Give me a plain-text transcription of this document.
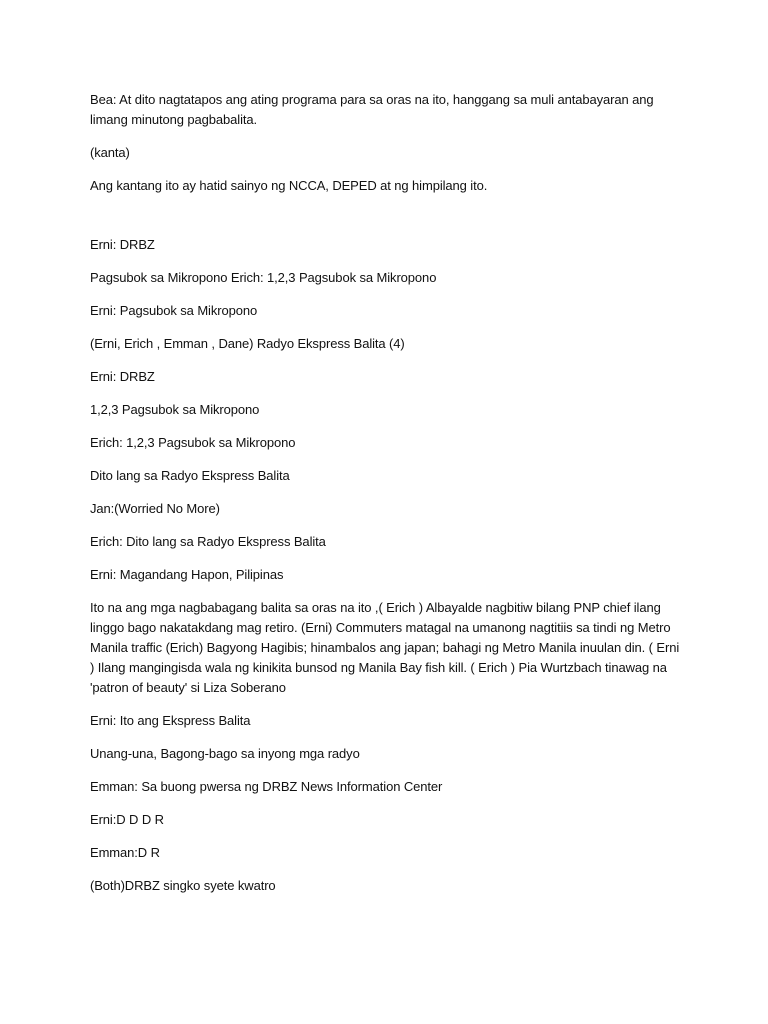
Bea: At dito nagtatapos ang ating programa para sa oras na ito, hanggang sa muli antabayaran ang limang minutong pagbabalita.

(kanta)

Ang kantang ito ay hatid sainyo ng NCCA, DEPED at ng himpilang ito.

Erni: DRBZ

Pagsubok sa Mikropono Erich: 1,2,3 Pagsubok sa Mikropono

Erni: Pagsubok sa Mikropono

(Erni, Erich , Emman , Dane) Radyo Ekspress Balita (4)

Erni: DRBZ

1,2,3 Pagsubok sa Mikropono

Erich: 1,2,3 Pagsubok sa Mikropono

Dito lang sa Radyo Ekspress Balita

Jan:(Worried No More)

Erich: Dito lang sa Radyo Ekspress Balita

Erni: Magandang Hapon, Pilipinas

Ito na ang mga nagbabagang balita sa oras na ito ,( Erich ) Albayalde nagbitiw bilang PNP chief ilang linggo bago nakatakdang mag retiro. (Erni) Commuters matagal na umanong nagtitiis sa tindi ng Metro Manila traffic (Erich) Bagyong Hagibis; hinambalos ang japan; bahagi ng Metro Manila inuulan din. ( Erni ) Ilang mangingisda wala ng kinikita bunsod ng Manila Bay fish kill. ( Erich ) Pia Wurtzbach tinawag na 'patron of beauty' si Liza Soberano

Erni: Ito ang Ekspress Balita

Unang-una, Bagong-bago sa inyong mga radyo

Emman: Sa buong pwersa ng DRBZ News Information Center

Erni:D D D R

Emman:D R

(Both)DRBZ singko syete kwatro
